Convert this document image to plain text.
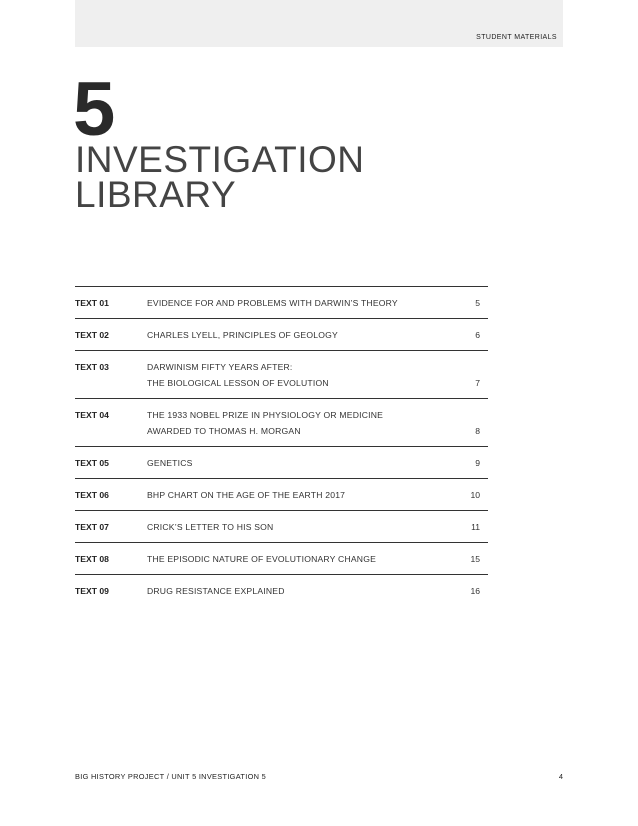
STUDENT MATERIALS
5
INVESTIGATION
LIBRARY
TEXT 01	EVIDENCE FOR AND PROBLEMS WITH DARWIN’S THEORY	5
TEXT 02	CHARLES LYELL, PRINCIPLES OF GEOLOGY	6
TEXT 03	DARWINISM FIFTY YEARS AFTER:
THE BIOLOGICAL LESSON OF EVOLUTION	7
TEXT 04	THE 1933 NOBEL PRIZE IN PHYSIOLOGY OR MEDICINE
AWARDED TO THOMAS H. MORGAN	8
TEXT 05	GENETICS	9
TEXT 06	BHP CHART ON THE AGE OF THE EARTH 2017	10
TEXT 07	CRICK’S LETTER TO HIS SON	11
TEXT 08	THE EPISODIC NATURE OF EVOLUTIONARY CHANGE	15
TEXT 09	DRUG RESISTANCE EXPLAINED	16
BIG HISTORY PROJECT / UNIT 5 INVESTIGATION 5	4
